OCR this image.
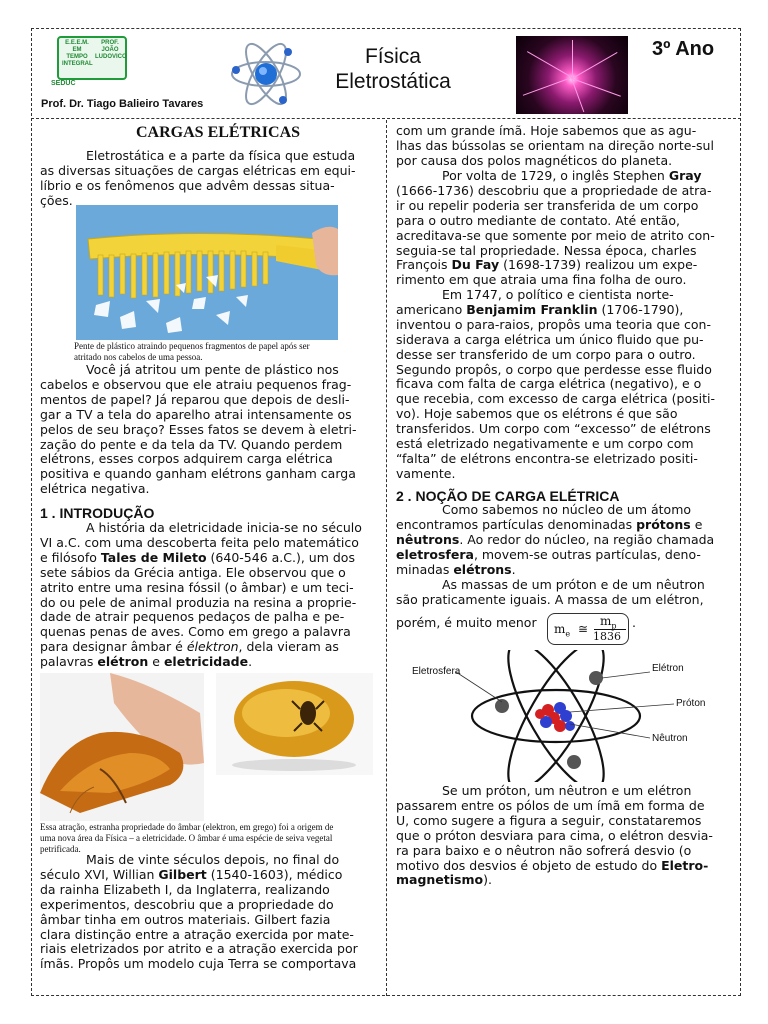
E.E.E.M.
EM TEMPO
INTEGRAL
PROF.
JOÃO
LUDOVICO
SEDUC
Prof. Dr. Tiago Balieiro Tavares
Física
Eletrostática
3º Ano
CARGAS ELÉTRICAS
Eletrostática e a parte da física que estuda
as diversas situações de cargas elétricas em equi-
líbrio e os fenômenos que advêm dessas situa-
ções.
Pente de plástico atraindo pequenos fragmentos de papel após ser
atritado nos cabelos de uma pessoa.
Você já atritou um pente de plástico nos
cabelos e observou que ele atraiu pequenos frag-
mentos de papel? Já reparou que depois de desli-
gar a TV a tela do aparelho atrai intensamente os
pelos de seu braço? Esses fatos se devem à eletri-
zação do pente e da tela da TV. Quando perdem
elétrons, esses corpos adquirem carga elétrica
positiva e quando ganham elétrons ganham carga
elétrica negativa.
1 . INTRODUÇÃO
A história da eletricidade inicia-se no século
VI a.C. com uma descoberta feita pelo matemático
e filósofo Tales de Mileto (640-546 a.C.), um dos
sete sábios da Grécia antiga. Ele observou que o
atrito entre uma resina fóssil (o âmbar) e um teci-
do ou pele de animal produzia na resina a proprie-
dade de atrair pequenos pedaços de palha e pe-
quenas penas de aves. Como em grego a palavra
para designar âmbar é élektron, dela vieram as
palavras elétron e eletricidade.
Essa atração, estranha propriedade do âmbar (elektron, em grego) foi a origem de
uma nova área da Física – a eletricidade. O âmbar é uma espécie de seiva vegetal
petrificada.
Mais de vinte séculos depois, no final do
século XVI, Willian Gilbert (1540-1603), médico
da rainha Elizabeth I, da Inglaterra, realizando
experimentos, descobriu que a propriedade do
âmbar tinha em outros materiais. Gilbert fazia
clara distinção entre a atração exercida por mate-
riais eletrizados por atrito e a atração exercida por
ímãs. Propôs um modelo cuja Terra se comportava
com um grande ímã. Hoje sabemos que as agu-
lhas das bússolas se orientam na direção norte-sul
por causa dos polos magnéticos do planeta.
Por volta de 1729, o inglês Stephen Gray
(1666-1736) descobriu que a propriedade de atra-
ir ou repelir poderia ser transferida de um corpo
para o outro mediante de contato. Até então,
acreditava-se que somente por meio de atrito con-
seguia-se tal propriedade. Nessa época, charles
François Du Fay (1698-1739) realizou um expe-
rimento em que atraia uma fina folha de ouro.
Em 1747, o político e cientista norte-
americano Benjamim Franklin (1706-1790),
inventou o para-raios, propôs uma teoria que con-
siderava a carga elétrica um único fluido que pu-
desse ser transferido de um corpo para o outro.
Segundo propôs, o corpo que perdesse esse fluido
ficava com falta de carga elétrica (negativo), e o
que recebia, com excesso de carga elétrica (positi-
vo). Hoje sabemos que os elétrons é que são
transferidos. Um corpo com “excesso” de elétrons
está eletrizado negativamente e um corpo com
“falta” de elétrons encontra-se eletrizado positi-
vamente.
2 . NOÇÃO DE CARGA ELÉTRICA
Como sabemos no núcleo de um átomo
encontramos partículas denominadas prótons e
nêutrons. Ao redor do núcleo, na região chamada
eletrosfera, movem-se outras partículas, deno-
minadas elétrons.
As massas de um próton e de um nêutron
são praticamente iguais. A massa de um elétron,
porém, é muito menor	.
$m_e$ ≅
$m_p$
1836
Eletrosfera	Elétron
Próton
Nêutron
Se um próton, um nêutron e um elétron
passarem entre os pólos de um ímã em forma de
U, como sugere a figura a seguir, constataremos
que o próton desviara para cima, o elétron desvia-
ra para baixo e o nêutron não sofrerá desvio (o
motivo dos desvios é objeto de estudo do Eletro-
magnetismo).
